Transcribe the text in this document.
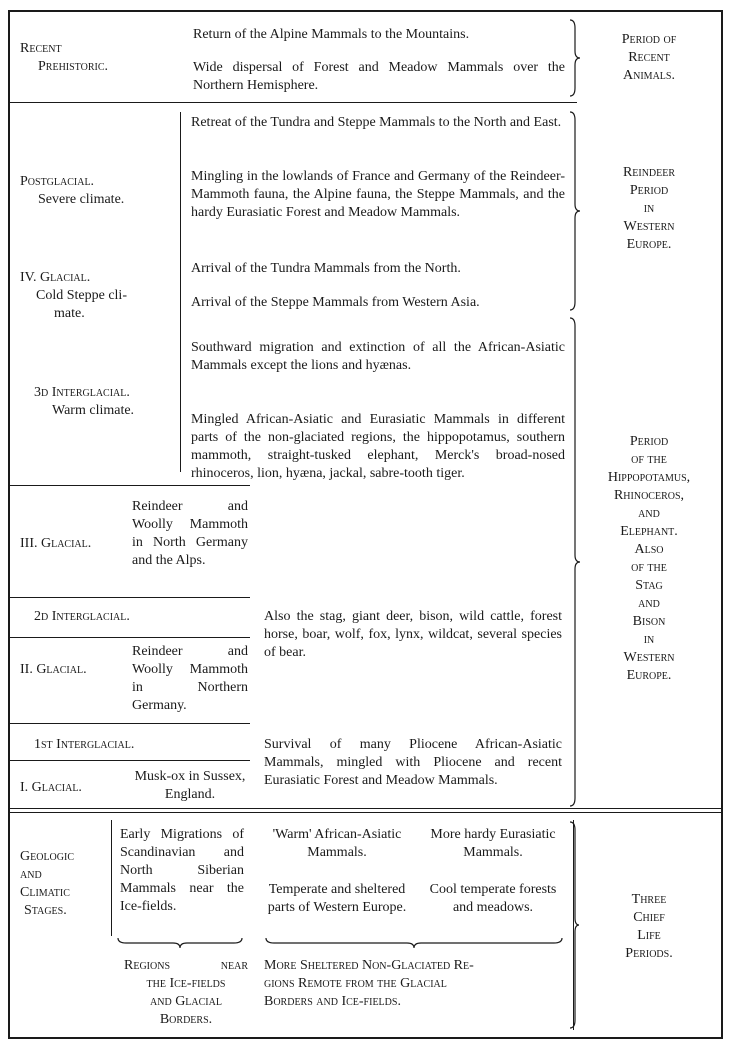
Recent
Prehistoric.
Return of the Alpine Mammals to the Mountains.
Wide dispersal of Forest and Meadow Mammals over the Northern Hemisphere.
Postglacial.
Severe climate.
Retreat of the Tundra and Steppe Mammals to the North and East.
Mingling in the lowlands of France and Germany of the Reindeer-Mammoth fauna, the Alpine fauna, the Steppe Mammals, and the hardy Eurasiatic Forest and Meadow Mammals.
IV. Glacial.
Cold Steppe cli-
mate.
Arrival of the Tundra Mammals from the North.
Arrival of the Steppe Mammals from Western Asia.
3d Interglacial.
Warm climate.
Southward migration and extinction of all the African-Asiatic Mammals except the lions and hyænas.
Mingled African-Asiatic and Eurasiatic Mammals in different parts of the non-glaciated regions, the hippopotamus, southern mammoth, straight-tusked elephant, Merck's broad-nosed rhinoceros, lion, hyæna, jackal, sabre-tooth tiger.
III. Glacial.
Reindeer and Woolly Mammoth in North Germany and the Alps.
2d Interglacial.	Also the stag, giant deer, bison, wild cattle, forest horse, boar, wolf, fox, lynx, wildcat, several species of bear.
II. Glacial.
Reindeer and Woolly Mammoth in Northern Germany.
1st Interglacial.	Survival of many Pliocene African-Asiatic Mammals, mingled with Pliocene and recent Eurasiatic Forest and Meadow Mammals.
I. Glacial.
Musk-ox in Sussex, England.
Period of
Recent
Animals.
Reindeer
Period
in
Western
Europe.
Period
of the
Hippopotamus,
Rhinoceros,
and
Elephant.
Also
of the
Stag
and
Bison
in
Western
Europe.
Three
Chief
Life
Periods.
Geologic
and
Climatic
Stages.
Early Migrations of Scandinavian and North Siberian Mammals near the Ice-fields.
'Warm' African-Asiatic Mammals.
More hardy Eurasiatic Mammals.
Temperate and sheltered parts of Western Europe.
Cool temperate forests and meadows.
Regions near
the Ice-fields
and Glacial
Borders.
More Sheltered Non-Glaciated Re-
gions Remote from the Glacial
Borders and Ice-fields.
